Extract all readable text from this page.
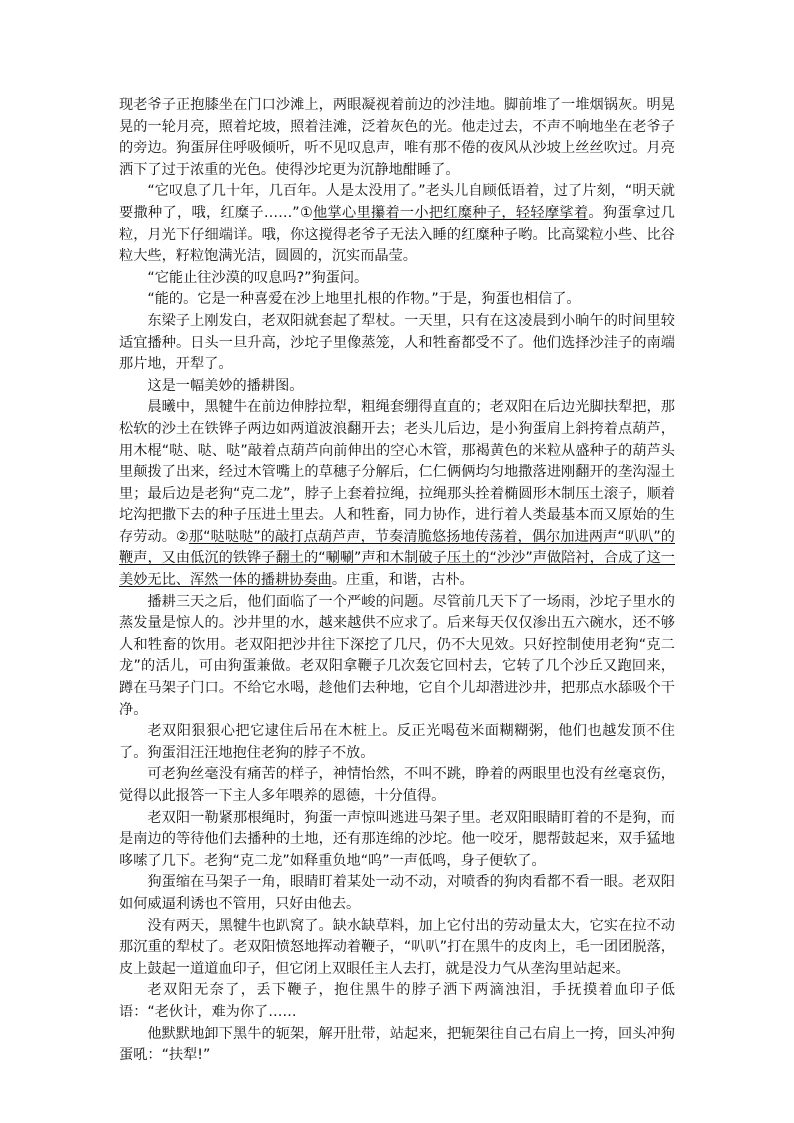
现老爷子正抱膝坐在门口沙滩上，两眼凝视着前边的沙洼地。脚前堆了一堆烟锅灰。明晃晃的一轮月亮，照着坨坡，照着洼滩，泛着灰色的光。他走过去，不声不响地坐在老爷子的旁边。狗蛋屏住呼吸倾听，听不见叹息声，唯有那不倦的夜风从沙坡上丝丝吹过。月亮洒下了过于浓重的光色。使得沙坨更为沉静地酣睡了。

“它叹息了几十年，几百年。人是太没用了。”老头儿自顾低语着，过了片刻，“明天就要撒种了，哦，红糜子……”①他掌心里攥着一小把红糜种子，轻轻摩挲着。狗蛋拿过几粒，月光下仔细端详。哦，你这搅得老爷子无法入睡的红糜种子哟。比高粱粒小些、比谷粒大些，籽粒饱满光洁，圆圆的，沉实而晶莹。

“它能止往沙漠的叹息吗?”狗蛋问。

“能的。它是一种喜爱在沙上地里扎根的作物。”于是，狗蛋也相信了。

东梁子上刚发白，老双阳就套起了犁杖。一天里，只有在这凌晨到小晌午的时间里较适宜播种。日头一旦升高，沙坨子里像蒸笼，人和牲畜都受不了。他们选择沙洼子的南端那片地，开犁了。

这是一幅美妙的播耕图。

晨曦中，黑犍牛在前边伸脖拉犁，粗绳套绷得直直的；老双阳在后边光脚扶犁把，那松软的沙土在铁铧子两边如两道波浪翻开去；老头儿后边，是小狗蛋肩上斜挎着点葫芦，用木棍“哒、哒、哒”敲着点葫芦向前伸出的空心木管，那褐黄色的米粒从盛种子的葫芦头里颠拨了出来，经过木管嘴上的草穗子分解后，仁仁俩俩均匀地撒落进刚翻开的垄沟湿土里；最后边是老狗“克二龙”，脖子上套着拉绳，拉绳那头拴着椭圆形木制压土滚子，顺着坨沟把撒下去的种子压进土里去。人和牲畜，同力协作，进行着人类最基本而又原始的生存劳动。②那“哒哒哒”的敲打点葫芦声，节奏清脆悠扬地传荡着，偶尔加进两声“叭叭”的鞭声，又由低沉的铁铧子翻土的“唰唰”声和木制破子压土的“沙沙”声做陪衬，合成了这一美妙无比、浑然一体的播耕协奏曲。庄重，和谐，古朴。

播耕三天之后，他们面临了一个严峻的问题。尽管前几天下了一场雨，沙坨子里水的蒸发量是惊人的。沙井里的水，越来越供不应求了。后来每天仅仅渗出五六碗水，还不够人和牲畜的饮用。老双阳把沙井往下深挖了几尺，仍不大见效。只好控制使用老狗“克二龙”的活儿，可由狗蛋兼做。老双阳拿鞭子几次轰它回村去，它转了几个沙丘又跑回来，蹲在马架子门口。不给它水喝，趁他们去种地，它自个儿却潜进沙井，把那点水舔吸个干净。

老双阳狠狠心把它逮住后吊在木桩上。反正光喝苞米面糊糊粥，他们也越发顶不住了。狗蛋泪汪汪地抱住老狗的脖子不放。

可老狗丝毫没有痛苦的样子，神情怡然，不叫不跳，睁着的两眼里也没有丝毫哀伤，觉得以此报答一下主人多年喂养的恩德，十分值得。

老双阳一勒紧那根绳时，狗蛋一声惊叫逃进马架子里。老双阳眼睛盯着的不是狗，而是南边的等待他们去播种的土地，还有那连绵的沙坨。他一咬牙，腮帮鼓起来，双手猛地哆嗦了几下。老狗“克二龙”如释重负地“呜”一声低鸣，身子便软了。

狗蛋缩在马架子一角，眼睛盯着某处一动不动，对喷香的狗肉看都不看一眼。老双阳如何威逼利诱也不管用，只好由他去。

没有两天，黑犍牛也趴窝了。缺水缺草料，加上它付出的劳动量太大，它实在拉不动那沉重的犁杖了。老双阳愤怒地挥动着鞭子，“叭叭”打在黑牛的皮肉上，毛一团团脱落，皮上鼓起一道道血印子，但它闭上双眼任主人去打，就是没力气从垄沟里站起来。

老双阳无奈了，丢下鞭子，抱住黑牛的脖子洒下两滴浊泪，手抚摸着血印子低语：“老伙计，难为你了……

他默默地卸下黑牛的轭架，解开肚带，站起来，把轭架往自己右肩上一挎，回头冲狗蛋吼：“扶犁!”
